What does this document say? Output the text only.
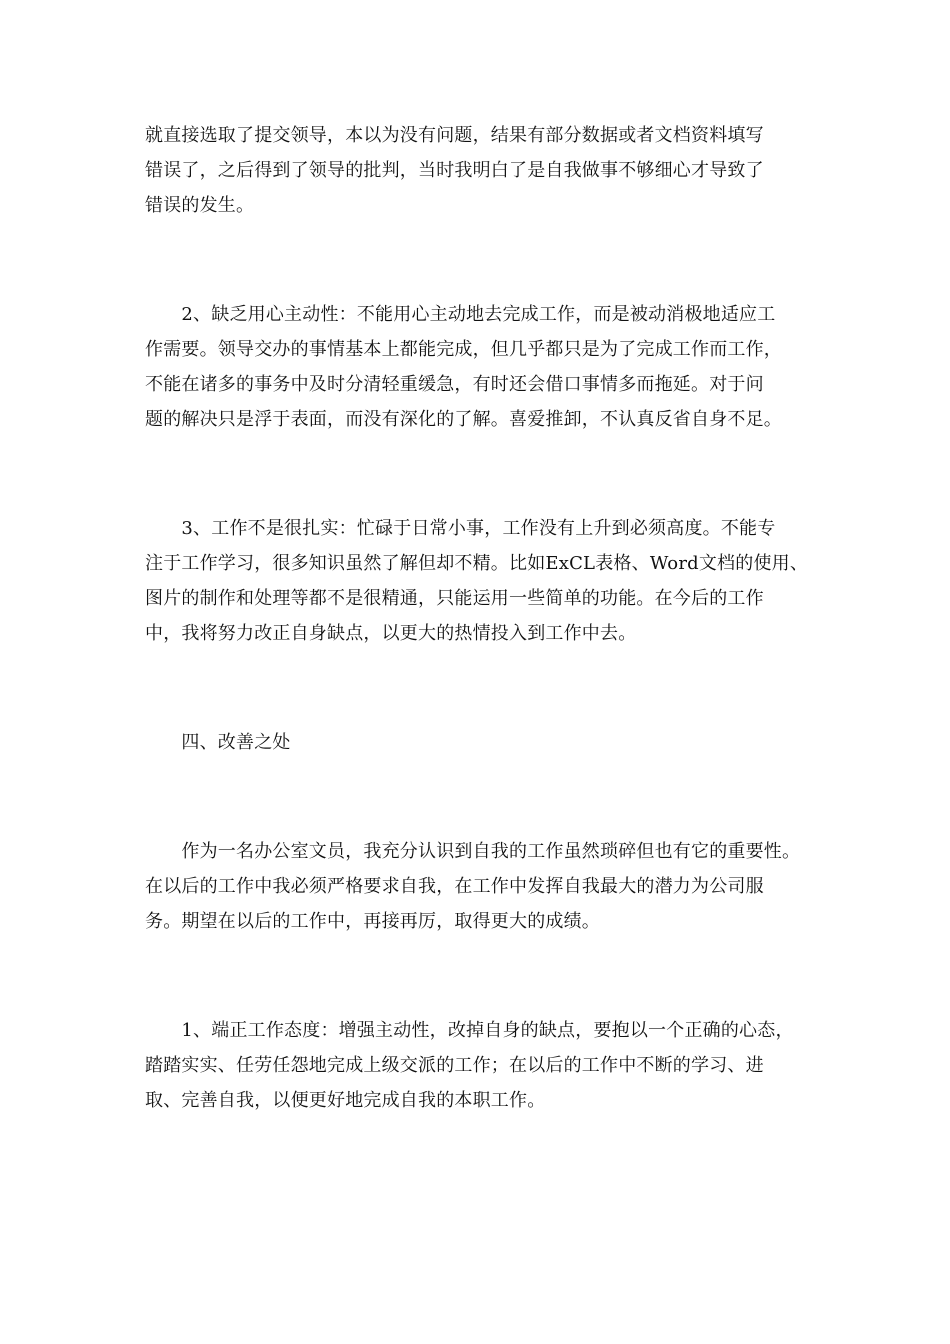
就直接选取了提交领导，本以为没有问题，结果有部分数据或者文档资料填写
错误了，之后得到了领导的批判，当时我明白了是自我做事不够细心才导致了
错误的发生。
　　2、缺乏用心主动性：不能用心主动地去完成工作，而是被动消极地适应工
作需要。领导交办的事情基本上都能完成，但几乎都只是为了完成工作而工作，
不能在诸多的事务中及时分清轻重缓急，有时还会借口事情多而拖延。对于问
题的解决只是浮于表面，而没有深化的了解。喜爱推卸，不认真反省自身不足。
　　3、工作不是很扎实：忙碌于日常小事，工作没有上升到必须高度。不能专
注于工作学习，很多知识虽然了解但却不精。比如ExCL表格、Word文档的使用、
图片的制作和处理等都不是很精通，只能运用一些简单的功能。在今后的工作
中，我将努力改正自身缺点，以更大的热情投入到工作中去。
　　四、改善之处
　　作为一名办公室文员，我充分认识到自我的工作虽然琐碎但也有它的重要性。
在以后的工作中我必须严格要求自我，在工作中发挥自我最大的潜力为公司服
务。期望在以后的工作中，再接再厉，取得更大的成绩。
　　1、端正工作态度：增强主动性，改掉自身的缺点，要抱以一个正确的心态，
踏踏实实、任劳任怨地完成上级交派的工作；在以后的工作中不断的学习、进
取、完善自我，以便更好地完成自我的本职工作。
